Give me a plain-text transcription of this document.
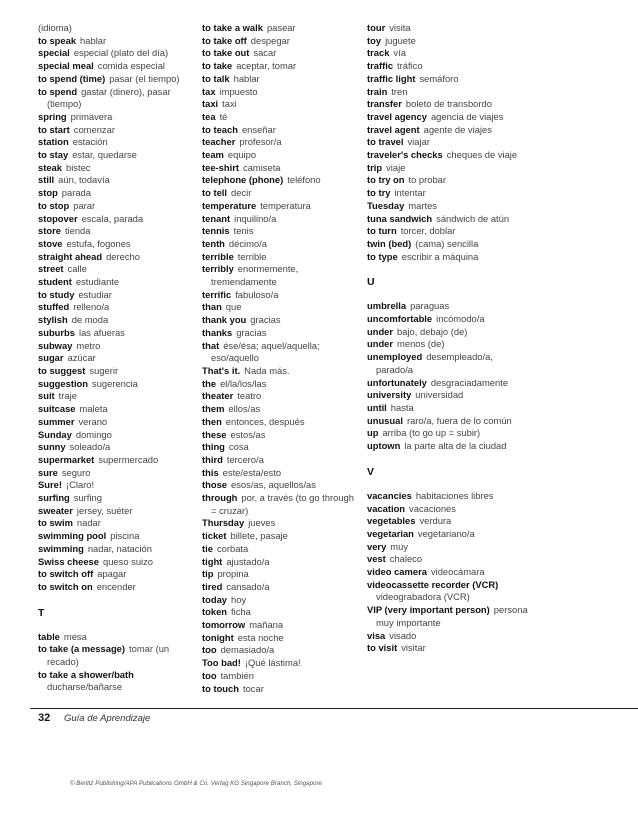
(idioma)
to speak hablar
special especial (plato del día)
special meal comida especial
to spend (time) pasar (el tiempo)
to spend gastar (dinero), pasar (tiempo)
spring primavera
to start comenzar
station estación
to stay estar, quedarse
steak bistec
still aún, todavía
stop parada
to stop parar
stopover escala, parada
store tienda
stove estufa, fogones
straight ahead derecho
street calle
student estudiante
to study estudiar
stuffed relleno/a
stylish de moda
suburbs las afueras
subway metro
sugar azúcar
to suggest sugerir
suggestion sugerencia
suit traje
suitcase maleta
summer verano
Sunday domingo
sunny soleado/a
supermarket supermercado
sure seguro
Sure! ¡Claro!
surfing surfing
sweater jersey, suéter
to swim nadar
swimming pool piscina
swimming nadar, natación
Swiss cheese queso suizo
to switch off apagar
to switch on encender
T
table mesa
to take (a message) tomar (un recado)
to take a shower/bathducharse/bañarse
to take a walk pasear
to take off despegar
to take out sacar
to take aceptar, tomar
to talk hablar
tax impuesto
taxi taxi
tea té
to teach enseñar
teacher profesor/a
team equipo
tee-shirt camiseta
telephone (phone) teléfono
to tell decir
temperature temperatura
tenant inquilino/a
tennis tenis
tenth décimo/a
terrible terrible
terribly enormemente, tremendamente
terrific fabuloso/a
than que
thank you gracias
thanks gracias
that ése/ésa; aquel/aquella; eso/aquello
That's it. Nada más.
the el/la/los/las
theater teatro
them ellos/as
then entonces, después
these estos/as
thing cosa
third tercero/a
this este/esta/esto
those esos/as, aquellos/as
through por, a través (to go through = cruzar)
Thursday jueves
ticket billete, pasaje
tie corbata
tight ajustado/a
tip propina
tired cansado/a
today hoy
token ficha
tomorrow mañana
tonight esta noche
too demasiado/a
Too bad! ¡Qué lástima!
too también
to touch tocar
tour visita
toy juguete
track vía
traffic tráfico
traffic light semáforo
train tren
transfer boleto de transbordo
travel agency agencia de viajes
travel agent agente de viajes
to travel viajar
traveler's checks cheques de viaje
trip viaje
to try on to probar
to try intentar
Tuesday martes
tuna sandwich sándwich de atún
to turn torcer, doblar
twin (bed) (cama) sencilla
to type escribir a máquina
U
umbrella paraguas
uncomfortable incómodo/a
under bajo, debajo (de)
under menos (de)
unemployed desempleado/a, parado/a
unfortunately desgraciadamente
university universidad
until hasta
unusual raro/a, fuera de lo común
up arriba (to go up = subir)
uptown la parte alta de la ciudad
V
vacancies habitaciones libres
vacation vacaciones
vegetables verdura
vegetarian vegetariano/a
very muy
vest chaleco
video camera videocámara
videocassette recorder (VCR)videograbadora (VCR)
VIP (very important person) persona muy importante
visa visado
to visit visitar
32 Guía de Aprendizaje
© Berlitz Publishing/APA Publications GmbH & Co. Verlag KG Singapore Branch, Singapore
